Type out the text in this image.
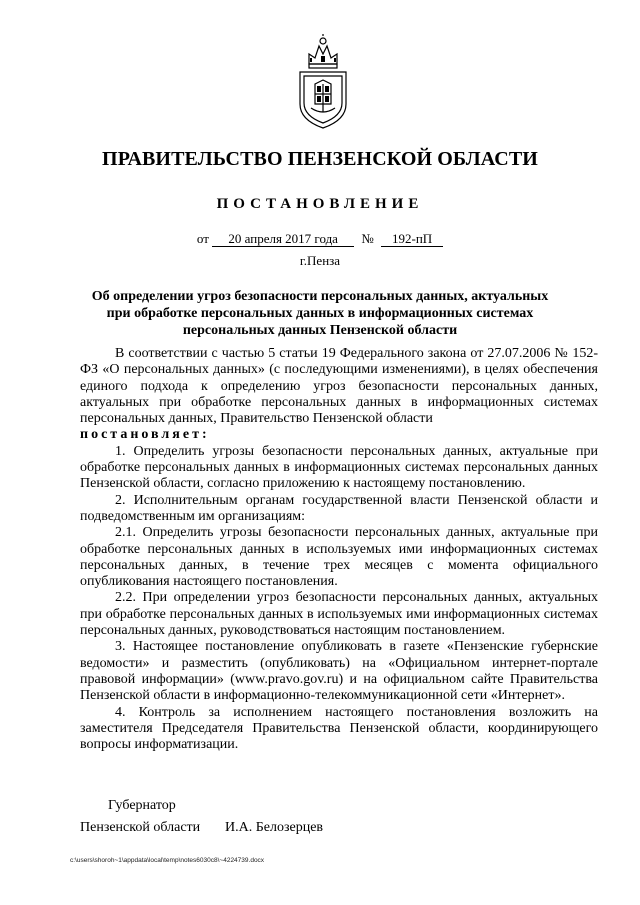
ПРАВИТЕЛЬСТВО ПЕНЗЕНСКОЙ ОБЛАСТИ
ПОСТАНОВЛЕНИЕ
от 20 апреля 2017 года № 192-пП
г.Пенза
Об определении угроз безопасности персональных данных, актуальных при обработке персональных данных в информационных системах персональных данных Пензенской области

В соответствии с частью 5 статьи 19 Федерального закона от 27.07.2006 № 152-ФЗ «О персональных данных» (с последующими изменениями), в целях обеспечения единого подхода к определению угроз безопасности персональных данных, актуальных при обработке персональных данных в информационных системах персональных данных, Правительство Пензенской области

постановляет:

1. Определить угрозы безопасности персональных данных, актуальные при обработке персональных данных в информационных системах персональных данных Пензенской области, согласно приложению к настоящему постановлению.

2. Исполнительным органам государственной власти Пензенской области и подведомственным им организациям:

2.1. Определить угрозы безопасности персональных данных, актуальные при обработке персональных данных в используемых ими информационных системах персональных данных, в течение трех месяцев с момента официального опубликования настоящего постановления.

2.2. При определении угроз безопасности персональных данных, актуальных при обработке персональных данных в используемых ими информационных системах персональных данных, руководствоваться настоящим постановлением.

3. Настоящее постановление опубликовать в газете «Пензенские губернские ведомости» и разместить (опубликовать) на «Официальном интернет-портале правовой информации» (www.pravo.gov.ru) и на официальном сайте Правительства Пензенской области в информационно-телекоммуникационной сети «Интернет».

4. Контроль за исполнением настоящего постановления возложить на заместителя Председателя Правительства Пензенской области, координирующего вопросы информатизации.

Губернатор
Пензенской области И.А. Белозерцев
c:\users\shoroh~1\appdata\local\temp\notes6030c8\~4224739.docx
